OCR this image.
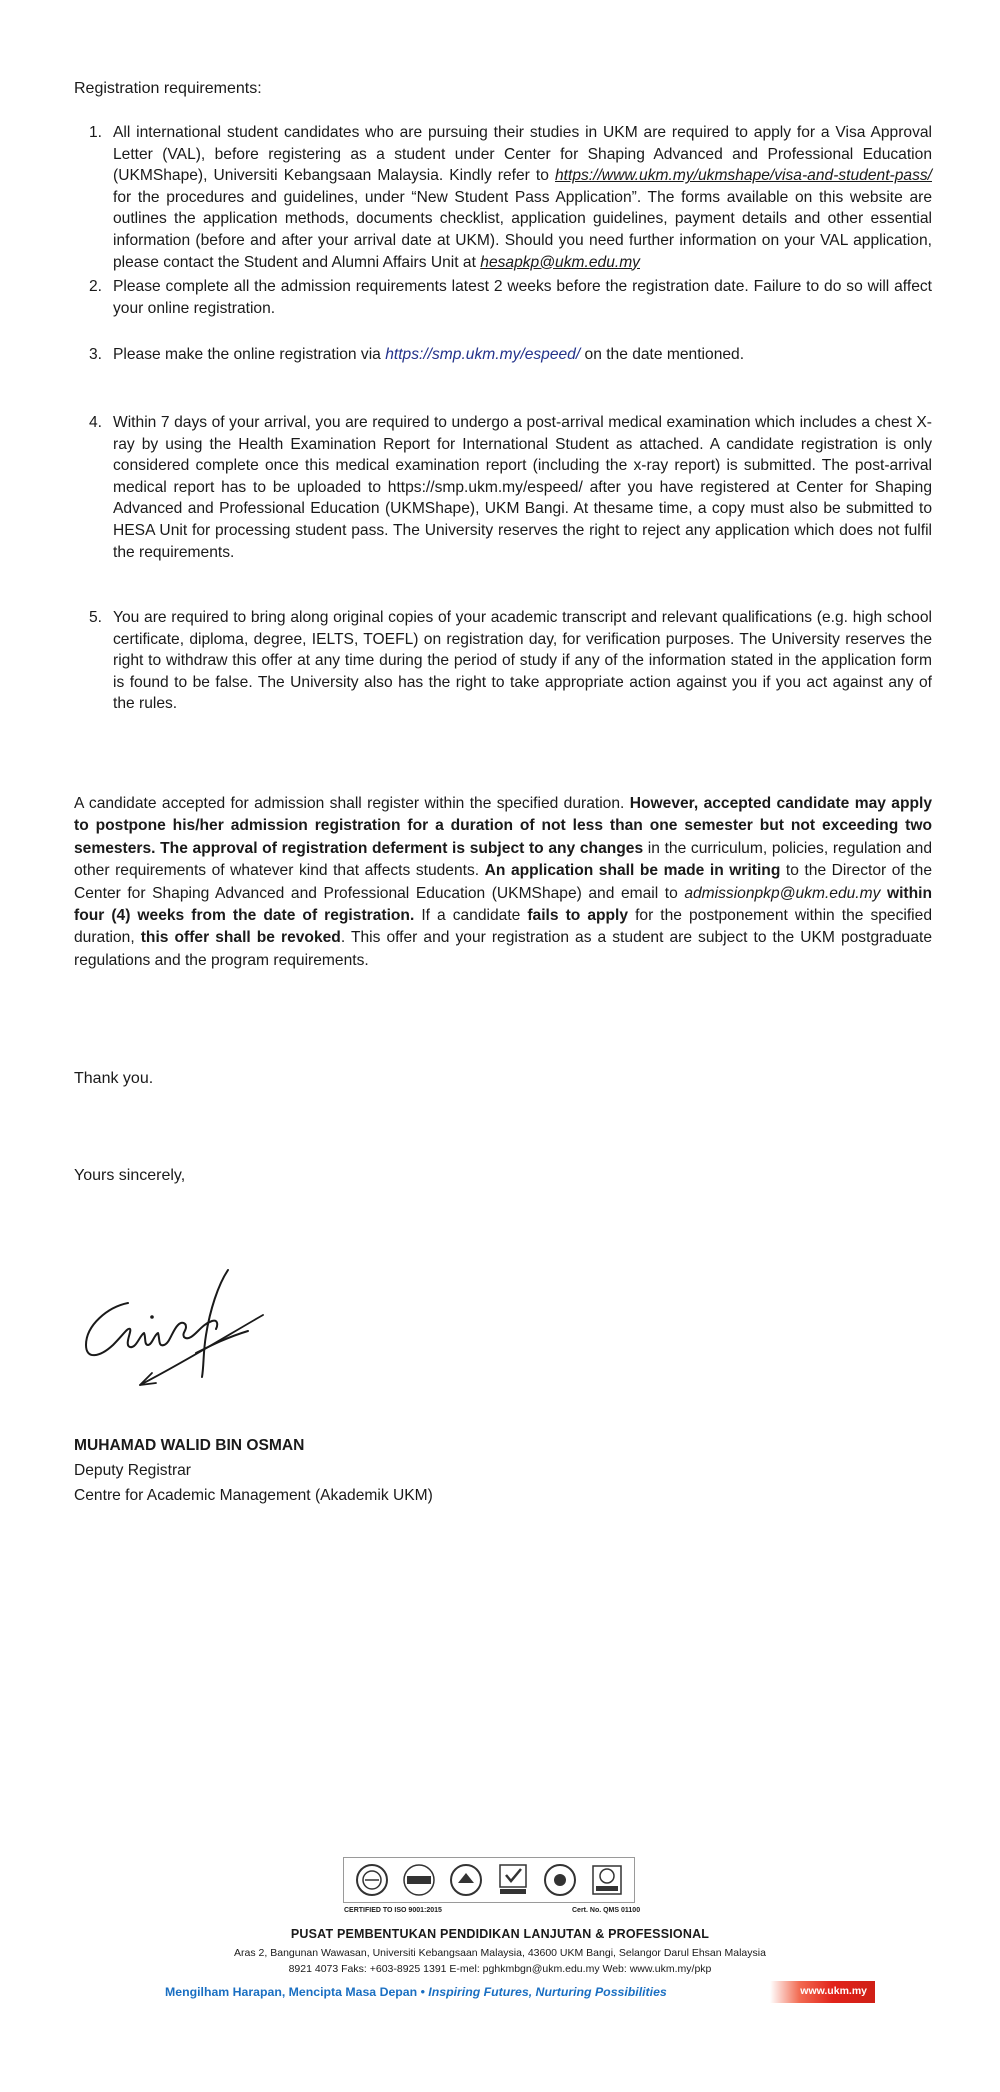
Registration requirements:
1. All international student candidates who are pursuing their studies in UKM are required to apply for a Visa Approval Letter (VAL), before registering as a student under Center for Shaping Advanced and Professional Education (UKMShape), Universiti Kebangsaan Malaysia. Kindly refer to https://www.ukm.my/ukmshape/visa-and-student-pass/ for the procedures and guidelines, under “New Student Pass Application”. The forms available on this website are outlines the application methods, documents checklist, application guidelines, payment details and other essential information (before and after your arrival date at UKM). Should you need further information on your VAL application, please contact the Student and Alumni Affairs Unit at hesapkp@ukm.edu.my
2. Please complete all the admission requirements latest 2 weeks before the registration date. Failure to do so will affect your online registration.
3. Please make the online registration via https://smp.ukm.my/espeed/ on the date mentioned.
4. Within 7 days of your arrival, you are required to undergo a post-arrival medical examination which includes a chest X-ray by using the Health Examination Report for International Student as attached. A candidate registration is only considered complete once this medical examination report (including the x-ray report) is submitted. The post-arrival medical report has to be uploaded to https://smp.ukm.my/espeed/ after you have registered at Center for Shaping Advanced and Professional Education (UKMShape), UKM Bangi. At thesame time, a copy must also be submitted to HESA Unit for processing student pass. The University reserves the right to reject any application which does not fulfil the requirements.
5. You are required to bring along original copies of your academic transcript and relevant qualifications (e.g. high school certificate, diploma, degree, IELTS, TOEFL) on registration day, for verification purposes. The University reserves the right to withdraw this offer at any time during the period of study if any of the information stated in the application form is found to be false. The University also has the right to take appropriate action against you if you act against any of the rules.
A candidate accepted for admission shall register within the specified duration. However, accepted candidate may apply to postpone his/her admission registration for a duration of not less than one semester but not exceeding two semesters. The approval of registration deferment is subject to any changes in the curriculum, policies, regulation and other requirements of whatever kind that affects students. An application shall be made in writing to the Director of the Center for Shaping Advanced and Professional Education (UKMShape) and email to admissionpkp@ukm.edu.my within four (4) weeks from the date of registration. If a candidate fails to apply for the postponement within the specified duration, this offer shall be revoked. This offer and your registration as a student are subject to the UKM postgraduate regulations and the program requirements.
Thank you.
Yours sincerely,
MUHAMAD WALID BIN OSMAN
Deputy Registrar
Centre for Academic Management (Akademik UKM)
CERTIFIED TO ISO 9001:2015	Cert. No. QMS 01100
PUSAT PEMBENTUKAN PENDIDIKAN LANJUTAN & PROFESSIONAL
Aras 2, Bangunan Wawasan, Universiti Kebangsaan Malaysia, 43600 UKM Bangi, Selangor Darul Ehsan Malaysia
8921 4073 Faks: +603-8925 1391 E-mel: pghkmbgn@ukm.edu.my Web: www.ukm.my/pkp
Mengilham Harapan, Mencipta Masa Depan • Inspiring Futures, Nurturing Possibilities	www.ukm.my
